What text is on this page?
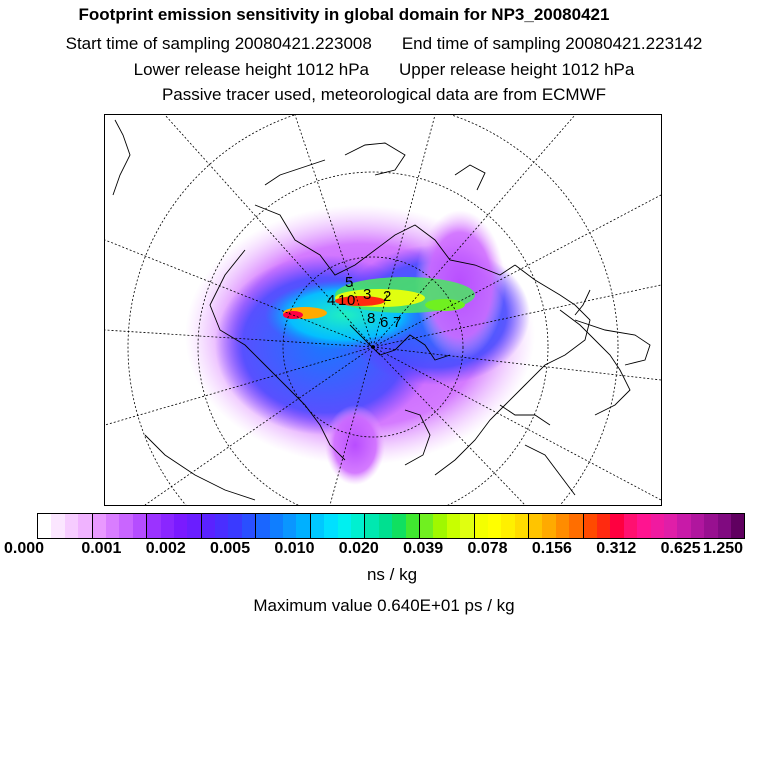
Footprint emission sensitivity in global domain for NP3_20080421
Start time of sampling 20080421.223008 End time of sampling 20080421.223142
Lower release height 1012 hPa Upper release height 1012 hPa
Passive tracer used, meteorological data are from ECMWF
5
4 1 0 3 2
8 6 7
0.000 0.001 0.002 0.005 0.010 0.020 0.039 0.078 0.156 0.312 0.625 1.250
ns / kg
Maximum value 0.640E+01 ps / kg
